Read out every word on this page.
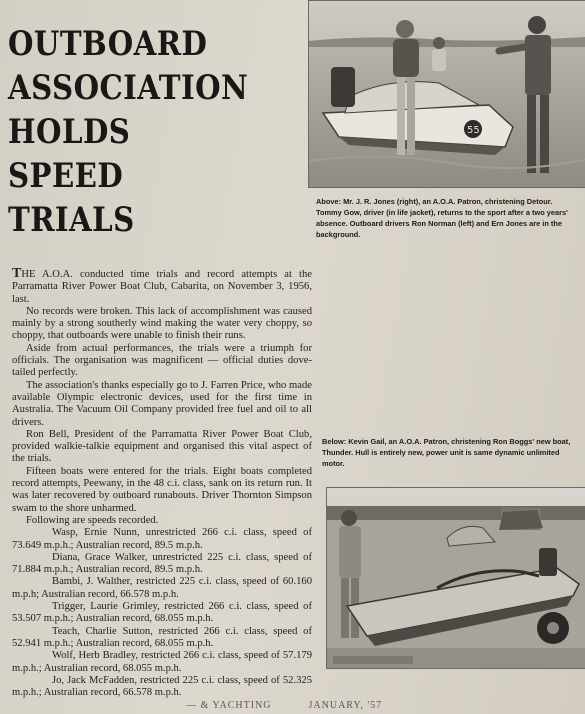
OUTBOARD
ASSOCIATION
HOLDS
SPEED
TRIALS
55
Above: Mr. J. R. Jones (right), an A.O.A. Patron, christening Detour. Tommy Gow, driver (in life jacket), returns to the sport after a two years' absence. Outboard drivers Ron Norman (left) and Ern Jones are in the background.
Below: Kevin Gail, an A.O.A. Patron, christening Ron Boggs' new boat, Thunder. Hull is entirely new, power unit is same dynamic unlimited motor.

THE A.O.A. conducted time trials and record attempts at the Parramatta River Power Boat Club, Cabarita, on November 3, 1956, last.

No records were broken. This lack of accomplishment was caused mainly by a strong southerly wind making the water very choppy, so choppy, that outboards were unable to finish their runs.

Aside from actual performances, the trials were a triumph for officials. The organisation was magnificent — official duties dove-tailed perfectly.

The association's thanks especially go to J. Farren Price, who made available Olympic electronic devices, used for the first time in Australia. The Vacuum Oil Company provided free fuel and oil to all drivers.

Ron Bell, President of the Parramatta River Power Boat Club, provided walkie-talkie equipment and organised this vital aspect of the trials.

Fifteen boats were entered for the trials. Eight boats completed record attempts, Peewany, in the 48 c.i. class, sank on its return run. It was later recovered by outboard runabouts. Driver Thornton Simpson swam to the shore unharmed.

Following are speeds recorded.

Wasp, Ernie Nunn, unrestricted 266 c.i. class, speed of 73.649 m.p.h.; Australian record, 89.5 m.p.h.

Diana, Grace Walker, unrestricted 225 c.i. class, speed of 71.884 m.p.h.; Australian record, 89.5 m.p.h.

Bambi, J. Walther, restricted 225 c.i. class, speed of 60.160 m.p.h; Australian record, 66.578 m.p.h.

Trigger, Laurie Grimley, restricted 266 c.i. class, speed of 53.507 m.p.h.; Australian record, 68.055 m.p.h.

Teach, Charlie Sutton, restricted 266 c.i. class, speed of 52.941 m.p.h.; Australian record, 68.055 m.p.h.

Wolf, Herb Bradley, restricted 266 c.i. class, speed of 57.179 m.p.h.; Australian record, 68.055 m.p.h.

Jo, Jack McFadden, restricted 225 c.i. class, speed of 52.325 m.p.h.; Australian record, 66.578 m.p.h.

— & YACHTING	JANUARY, '57
